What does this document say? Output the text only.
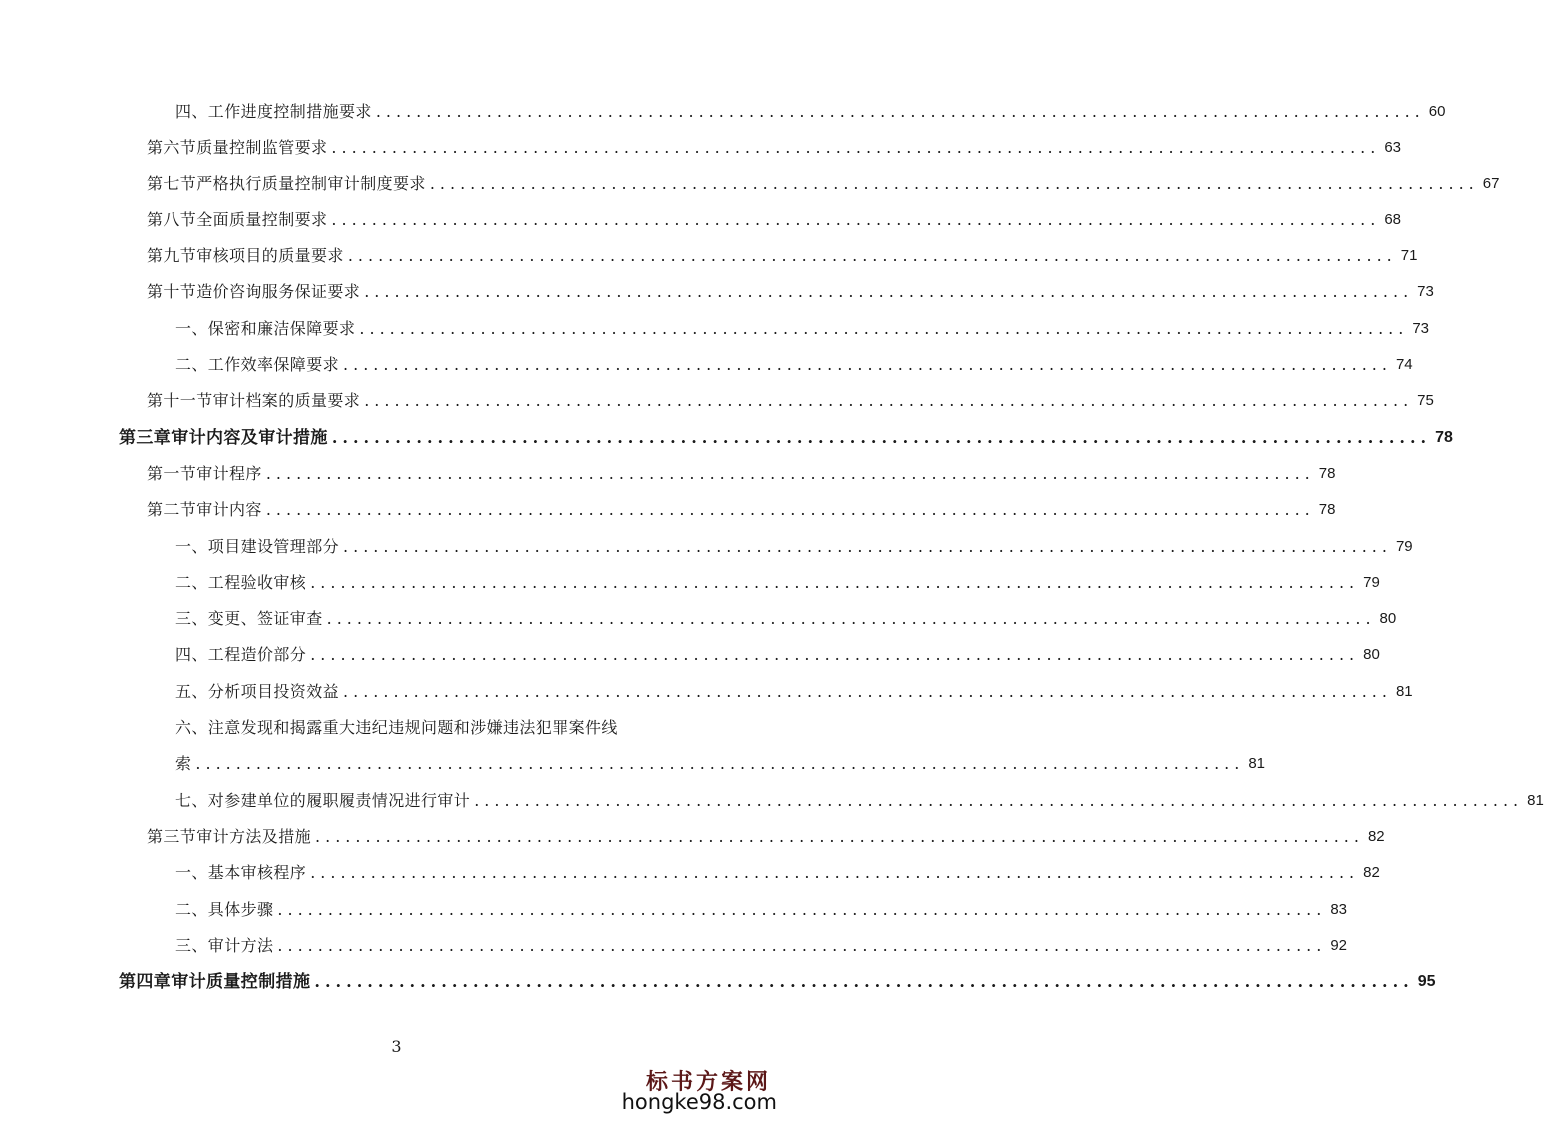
四、工作进度控制措施要求 ........................................................................................................ 60
第六节 质量控制监管要求 ........................................................................................................ 63
第七节 严格执行质量控制审计制度要求 ........................................................................................................ 67
第八节 全面质量控制要求 ........................................................................................................ 68
第九节 审核项目的质量要求 ........................................................................................................ 71
第十节 造价咨询服务保证要求 ........................................................................................................ 73
一、保密和廉洁保障要求 ........................................................................................................ 73
二、工作效率保障要求 ........................................................................................................ 74
第十一节 审计档案的质量要求 ........................................................................................................ 75
第三章 审计内容及审计措施 ........................................................................................................ 78
第一节 审计程序 ........................................................................................................ 78
第二节 审计内容 ........................................................................................................ 78
一、项目建设管理部分 ........................................................................................................ 79
二、工程验收审核 ........................................................................................................ 79
三、变更、签证审查 ........................................................................................................ 80
四、工程造价部分 ........................................................................................................ 80
五、分析项目投资效益 ........................................................................................................ 81
六、注意发现和揭露重大违纪违规问题和涉嫌违法犯罪案件线
索 ........................................................................................................ 81
七、对参建单位的履职履责情况进行审计 ........................................................................................................ 81
第三节 审计方法及措施 ........................................................................................................ 82
一、基本审核程序 ........................................................................................................ 82
二、具体步骤 ........................................................................................................ 83
三、审计方法 ........................................................................................................ 92
第四章 审计质量控制措施 ........................................................................................................ 95
3
标书方案网
hongke98.com
